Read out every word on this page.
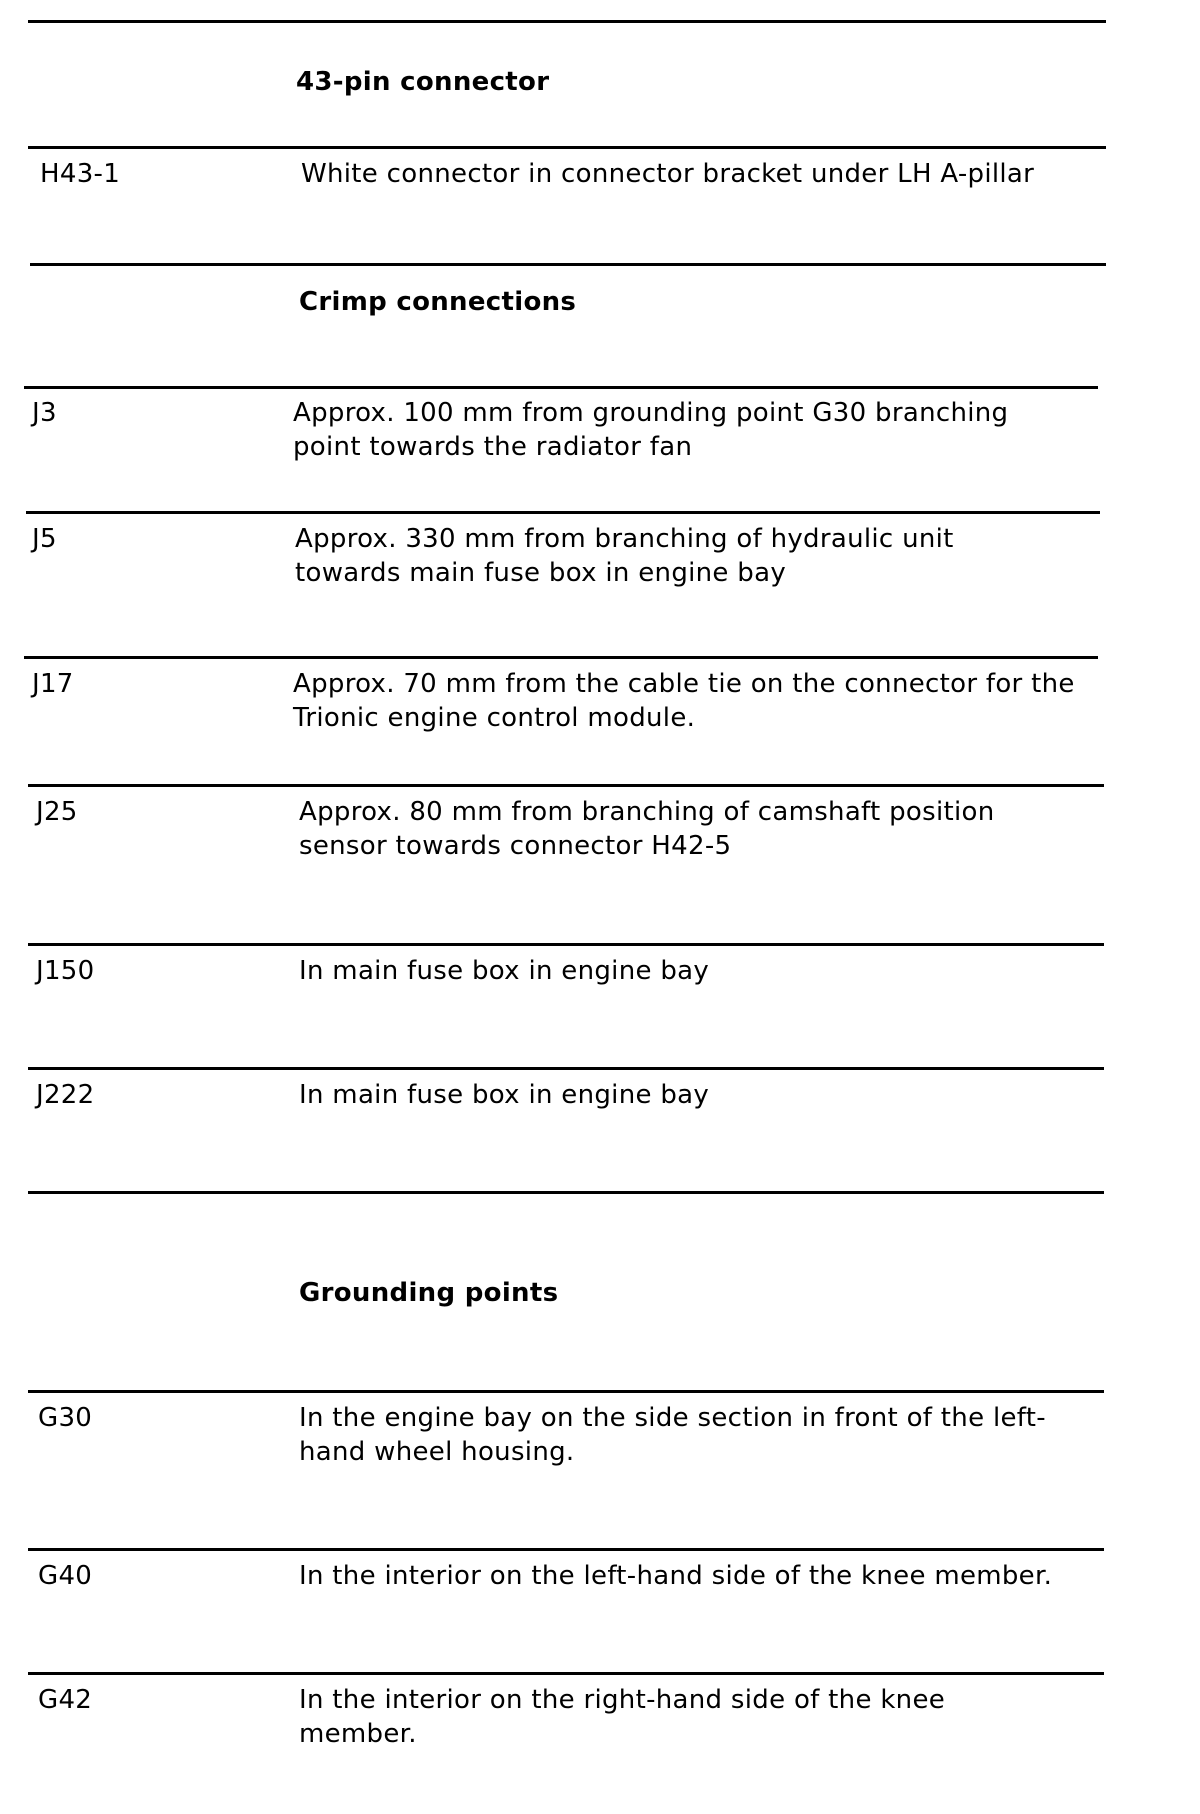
43-pin connector
H43-1	White connector in connector bracket under LH A-pillar
Crimp connections
J3	Approx. 100 mm from grounding point G30 branching point towards the radiator fan
J5	Approx. 330 mm from branching of hydraulic unit towards main fuse box in engine bay
J17	Approx. 70 mm from the cable tie on the connector for the Trionic engine control module.
J25	Approx. 80 mm from branching of camshaft position sensor towards connector H42-5
J150	In main fuse box in engine bay
J222	In main fuse box in engine bay
Grounding points
G30	In the engine bay on the side section in front of the left-hand wheel housing.
G40	In the interior on the left-hand side of the knee member.
G42	In the interior on the right-hand side of the knee member.
